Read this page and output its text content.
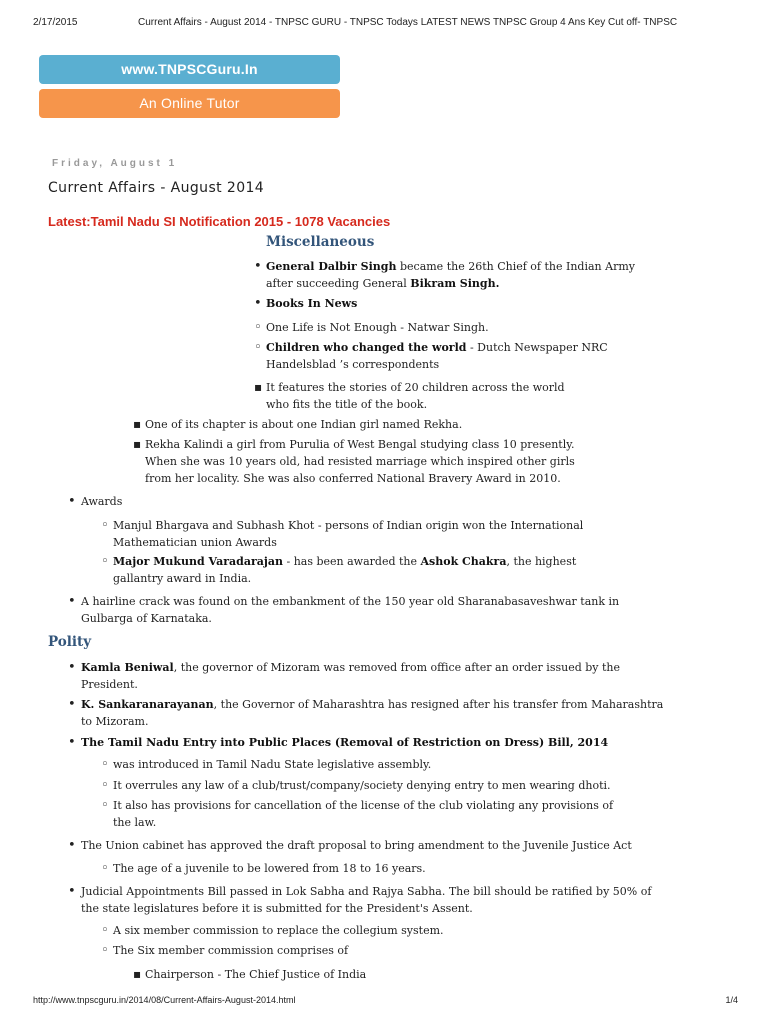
2/17/2015	Current Affairs - August 2014 - TNPSC GURU - TNPSC Todays LATEST NEWS TNPSC Group 4 Ans Key Cut off- TNPSC
www.TNPSCGuru.In
An Online Tutor
Friday, August 1
Current Affairs - August 2014
Latest:Tamil Nadu SI Notification 2015 - 1078 Vacancies
Miscellaneous
•
General Dalbir Singh became the 26th Chief of the Indian Army
after succeeding General Bikram Singh.
•
Books In News
◦
One Life is Not Enough - Natwar Singh.
◦
Children who changed the world - Dutch Newspaper NRC
Handelsblad ’s correspondents
▪
It features the stories of 20 children across the world
who fits the title of the book.
▪
One of its chapter is about one Indian girl named Rekha.
▪
Rekha Kalindi a girl from Purulia of West Bengal studying class 10 presently.
When she was 10 years old, had resisted marriage which inspired other girls
from her locality. She was also conferred National Bravery Award in 2010.
•
Awards
◦
Manjul Bhargava and Subhash Khot - persons of Indian origin won the International
Mathematician union Awards
◦
Major Mukund Varadarajan - has been awarded the Ashok Chakra, the highest
gallantry award in India.
•
A hairline crack was found on the embankment of the 150 year old Sharanabasaveshwar tank in
Gulbarga of Karnataka.
Polity
•
Kamla Beniwal, the governor of Mizoram was removed from office after an order issued by the
President.
•
K. Sankaranarayanan, the Governor of Maharashtra has resigned after his transfer from Maharashtra
to Mizoram.
•
The Tamil Nadu Entry into Public Places (Removal of Restriction on Dress) Bill, 2014
◦
was introduced in Tamil Nadu State legislative assembly.
◦
It overrules any law of a club/trust/company/society denying entry to men wearing dhoti.
◦
It also has provisions for cancellation of the license of the club violating any provisions of
the law.
•
The Union cabinet has approved the draft proposal to bring amendment to the Juvenile Justice Act
◦
The age of a juvenile to be lowered from 18 to 16 years.
•
Judicial Appointments Bill passed in Lok Sabha and Rajya Sabha. The bill should be ratified by 50% of
the state legislatures before it is submitted for the President's Assent.
◦
A six member commission to replace the collegium system.
◦
The Six member commission comprises of
▪
Chairperson - The Chief Justice of India
http://www.tnpscguru.in/2014/08/Current-Affairs-August-2014.html	1/4
